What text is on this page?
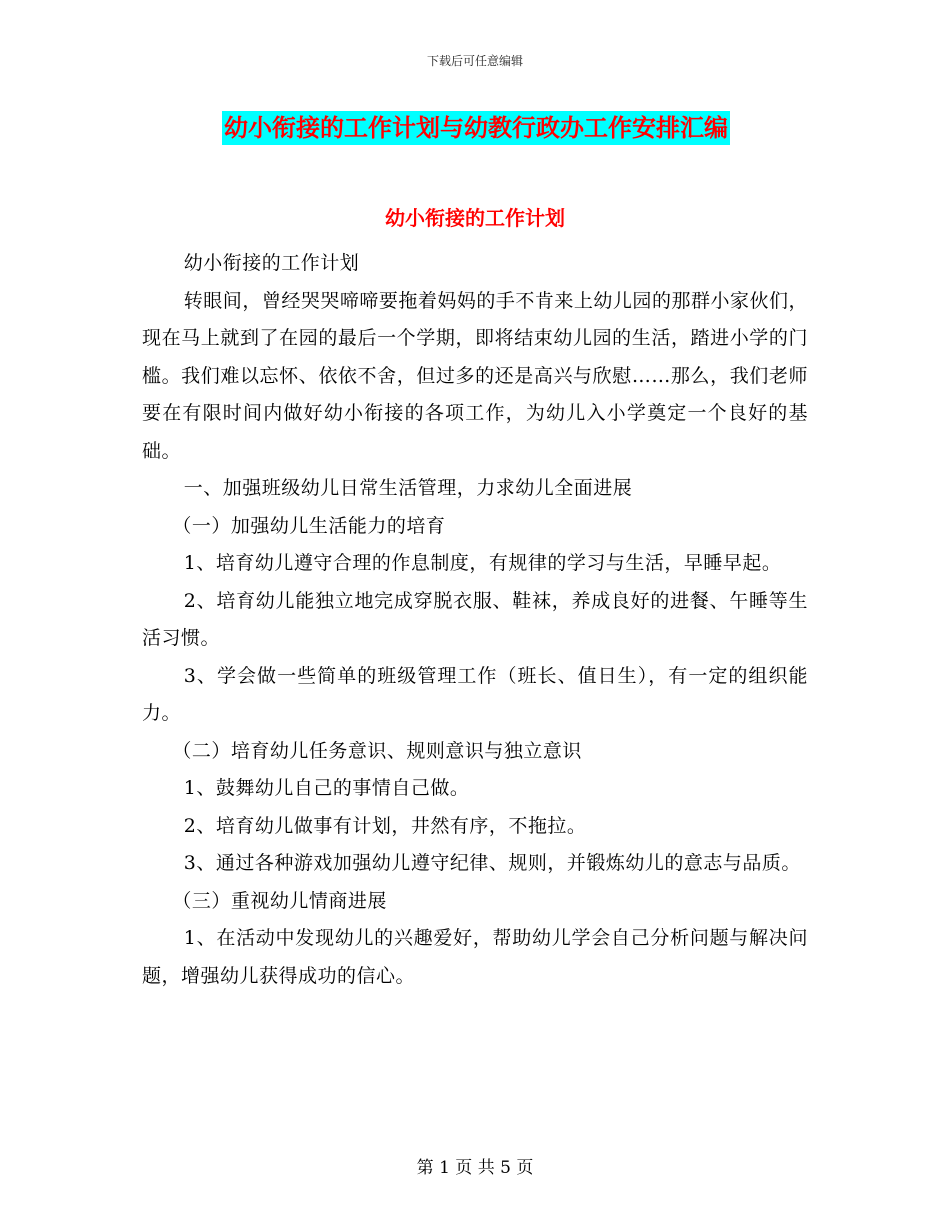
下载后可任意编辑
幼小衔接的工作计划与幼教行政办工作安排汇编
幼小衔接的工作计划

幼小衔接的工作计划

转眼间，曾经哭哭啼啼要拖着妈妈的手不肯来上幼儿园的那群小家伙们，现在马上就到了在园的最后一个学期，即将结束幼儿园的生活，踏进小学的门槛。我们难以忘怀、依依不舍，但过多的还是高兴与欣慰……那么，我们老师要在有限时间内做好幼小衔接的各项工作，为幼儿入小学奠定一个良好的基础。

一、加强班级幼儿日常生活管理，力求幼儿全面进展

（一）加强幼儿生活能力的培育

1、培育幼儿遵守合理的作息制度，有规律的学习与生活，早睡早起。

2、培育幼儿能独立地完成穿脱衣服、鞋袜，养成良好的进餐、午睡等生活习惯。

3、学会做一些简单的班级管理工作（班长、值日生），有一定的组织能力。

（二）培育幼儿任务意识、规则意识与独立意识

1、鼓舞幼儿自己的事情自己做。

2、培育幼儿做事有计划，井然有序，不拖拉。

3、通过各种游戏加强幼儿遵守纪律、规则，并锻炼幼儿的意志与品质。

（三）重视幼儿情商进展

1、在活动中发现幼儿的兴趣爱好，帮助幼儿学会自己分析问题与解决问题，增强幼儿获得成功的信心。

第 1 页 共 5 页
